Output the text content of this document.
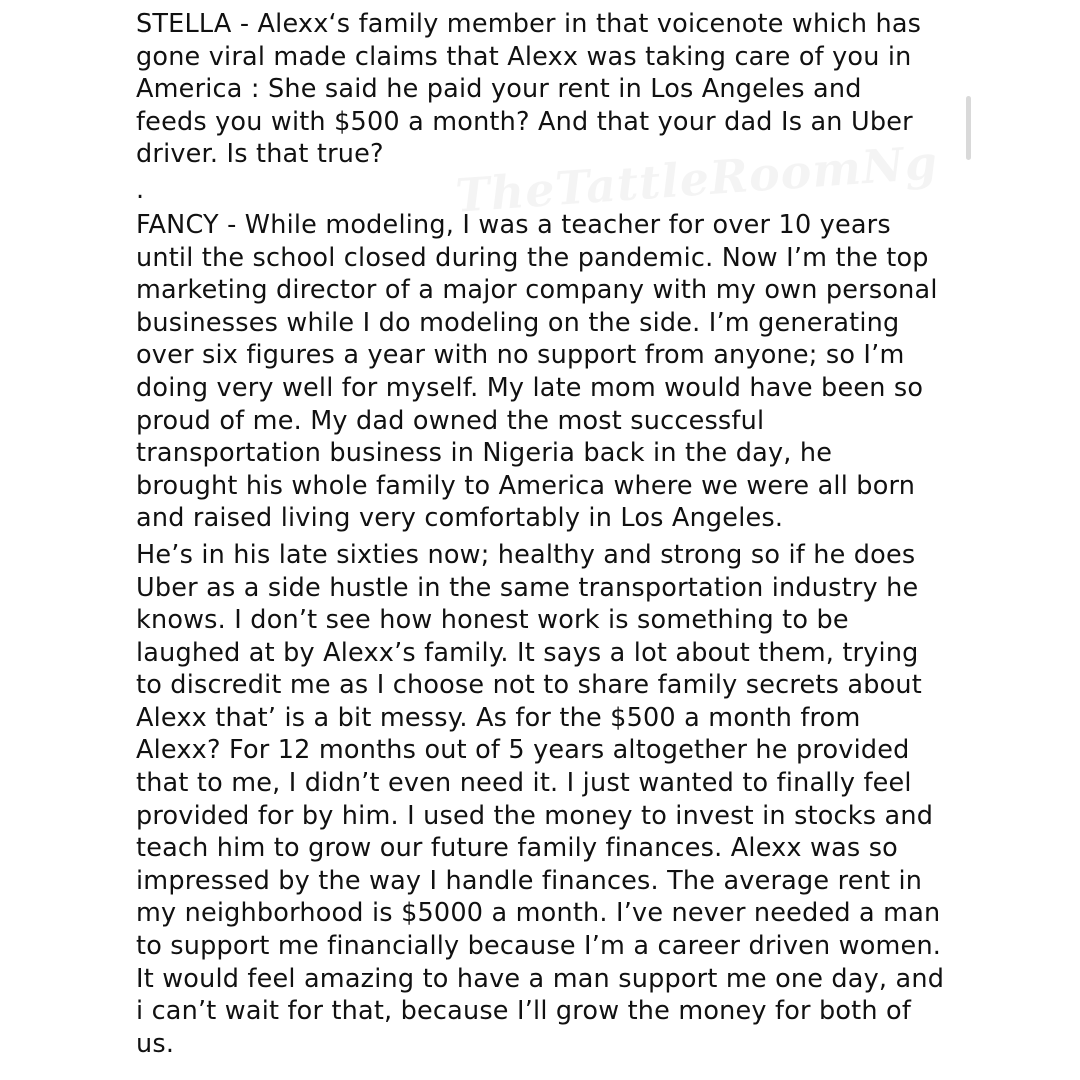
STELLA - Alexx‘s family member in that voicenote which has
gone viral made claims that Alexx was taking care of you in
America : She said he paid your rent in Los Angeles and
feeds you with $500 a month? And that your dad Is an Uber
driver. Is that true?

.

FANCY - While modeling, I was a teacher for over 10 years
until the school closed during the pandemic. Now I’m the top
marketing director of a major company with my own personal
businesses while I do modeling on the side. I’m generating
over six figures a year with no support from anyone; so I’m
doing very well for myself. My late mom would have been so
proud of me. My dad owned the most successful
transportation business in Nigeria back in the day, he
brought his whole family to America where we were all born
and raised living very comfortably in Los Angeles.

He’s in his late sixties now; healthy and strong so if he does
Uber as a side hustle in the same transportation industry he
knows. I don’t see how honest work is something to be
laughed at by Alexx’s family. It says a lot about them, trying
to discredit me as I choose not to share family secrets about
Alexx that’ is a bit messy. As for the $500 a month from
Alexx? For 12 months out of 5 years altogether he provided
that to me, I didn’t even need it. I just wanted to finally feel
provided for by him. I used the money to invest in stocks and
teach him to grow our future family finances. Alexx was so
impressed by the way I handle finances. The average rent in
my neighborhood is $5000 a month. I’ve never needed a man
to support me financially because I’m a career driven women.
It would feel amazing to have a man support me one day, and
i can’t wait for that, because I’ll grow the money for both of
us.
